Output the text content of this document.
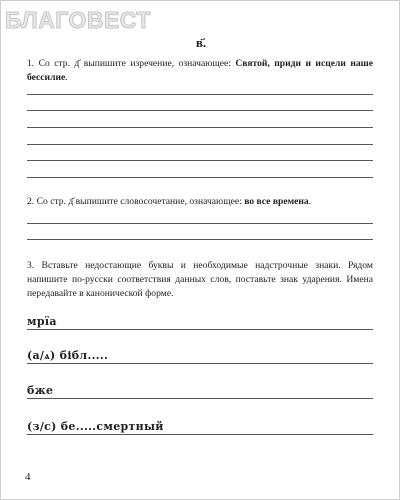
БЛАГОВЕСТ
в҃.
1. Со стр. д҃ выпишите изречение, означающее: Святой, приди и исцели наше бессилие.
2. Со стр. д҃ выпишите словосочетание, означающее: во все времена.
3. Вставьте недостающие буквы и необходимые надстрочные знаки. Рядом напишите по-русски соответствия данных слов, поставьте знак ударения. Имена передавайте в канонической форме.
мрїа
(а/ѧ) бібл.....
бже
(з/с) бе.....смертный
4
